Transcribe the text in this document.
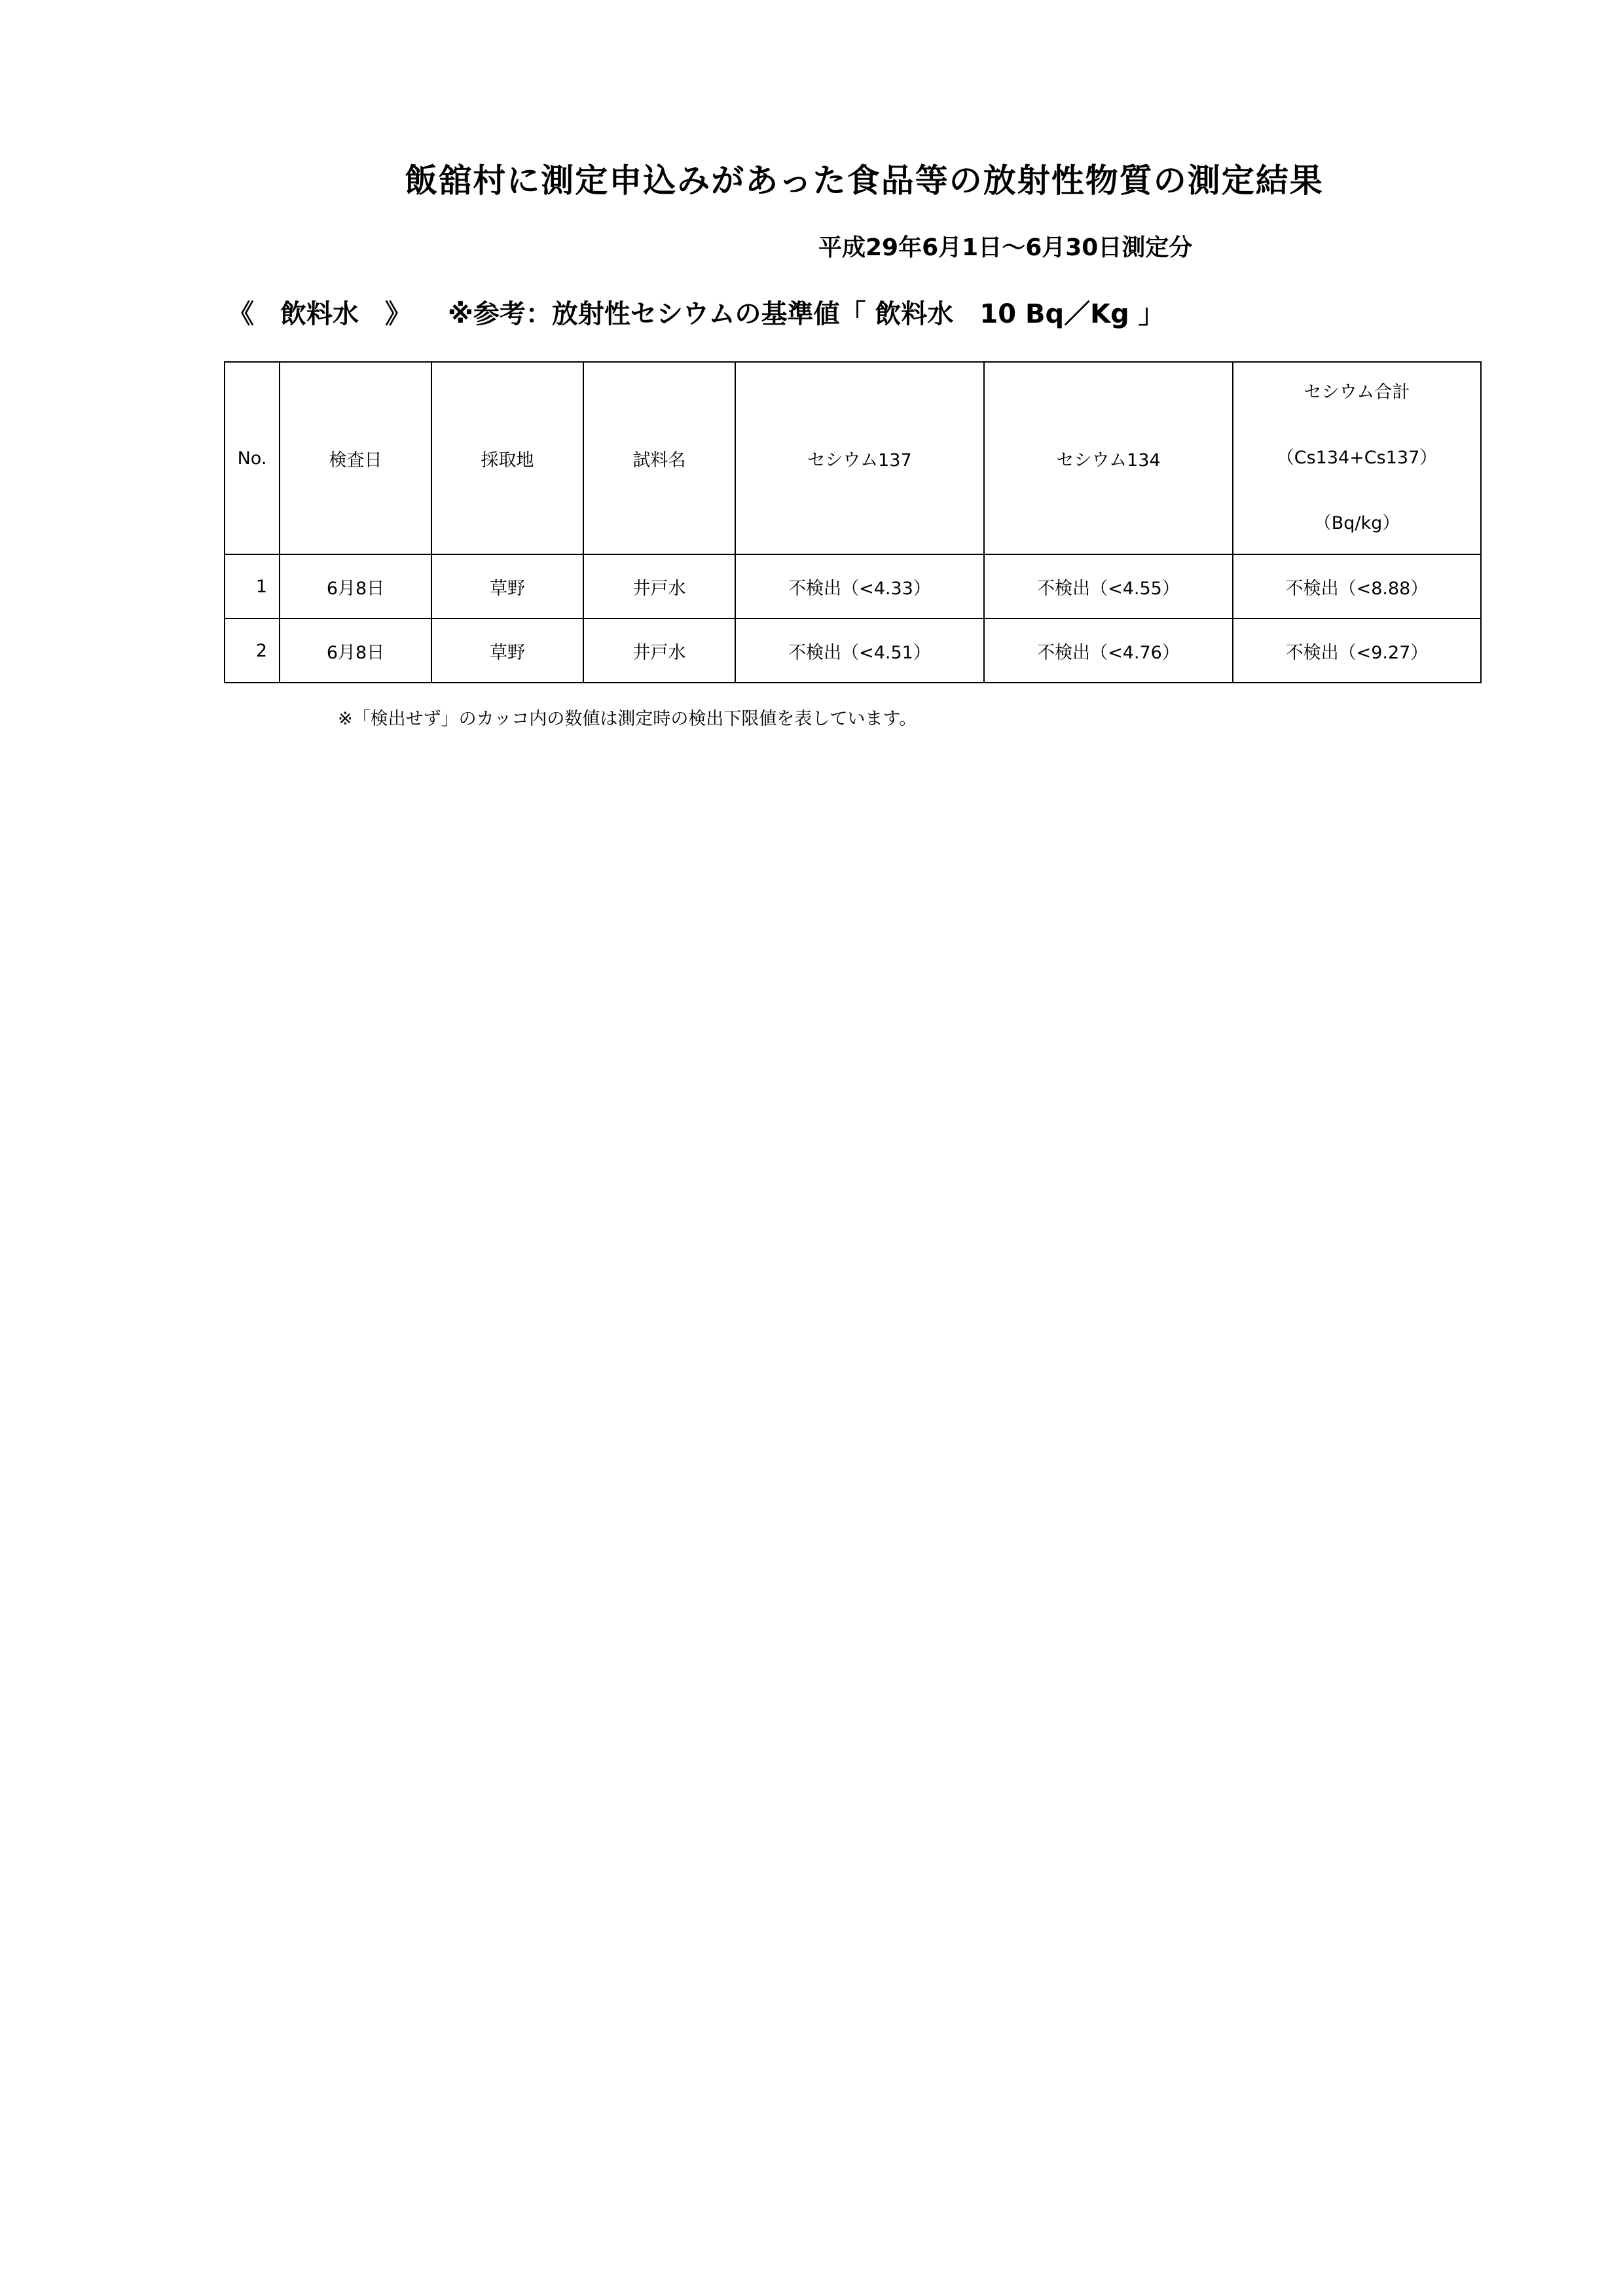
飯舘村に測定申込みがあった食品等の放射性物質の測定結果
平成29年6月1日～6月30日測定分
《　飲料水　》 ※参考：放射性セシウムの基準値「 飲料水　10 Bq／Kg 」
No.	検査日	採取地	試料名	セシウム137	セシウム134	セシウム合計
（Cs134+Cs137）
（Bq/kg）

1	6月8日	草野	井戸水	不検出（<4.33）	不検出（<4.55）	不検出（<8.88）
2	6月8日	草野	井戸水	不検出（<4.51）	不検出（<4.76）	不検出（<9.27）
※「検出せず」のカッコ内の数値は測定時の検出下限値を表しています。
